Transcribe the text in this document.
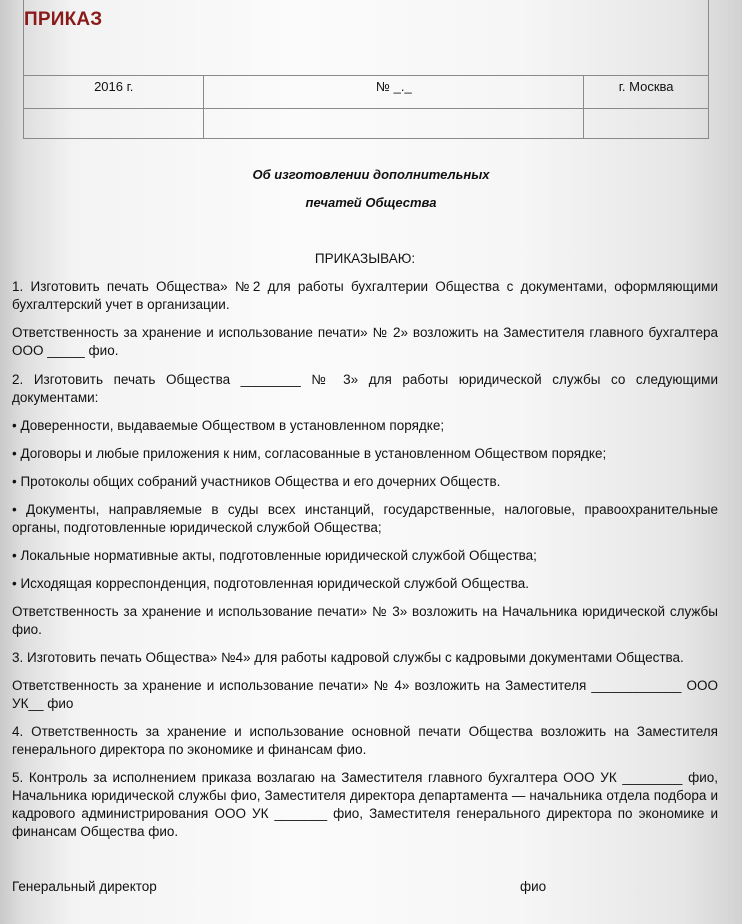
2016 г.	№ _._	г. Москва

ПРИКАЗ
Об изготовлении дополнительных
печатей Общества
ПРИКАЗЫВАЮ:
1. Изготовить печать Общества» №2 для работы бухгалтерии Общества с документами, оформляющими бухгалтерский учет в организации.
Ответственность за хранение и использование печати» № 2» возложить на Заместителя главного бухгалтера ООО _____ фио.
2. Изготовить печать Общества ________ № 3» для работы юридической службы со следующими документами:
• Доверенности, выдаваемые Обществом в установленном порядке;
• Договоры и любые приложения к ним, согласованные в установленном Обществом порядке;
• Протоколы общих собраний участников Общества и его дочерних Обществ.
• Документы, направляемые в суды всех инстанций, государственные, налоговые, правоохранительные органы, подготовленные юридической службой Общества;
• Локальные нормативные акты, подготовленные юридической службой Общества;
• Исходящая корреспонденция, подготовленная юридической службой Общества.
Ответственность за хранение и использование печати» № 3» возложить на Начальника юридической службы фио.
3. Изготовить печать Общества» №4» для работы кадровой службы с кадровыми документами Общества.
Ответственность за хранение и использование печати» № 4» возложить на Заместителя ____________ ООО УК__ фио
4. Ответственность за хранение и использование основной печати Общества возложить на Заместителя генерального директора по экономике и финансам фио.
5. Контроль за исполнением приказа возлагаю на Заместителя главного бухгалтера ООО УК ________ фио, Начальника юридической службы фио, Заместителя директора департамента — начальника отдела подбора и кадрового администрирования ООО УК _______ фио, Заместителя генерального директора по экономике и финансам Общества фио.
Генеральный директор	фио
